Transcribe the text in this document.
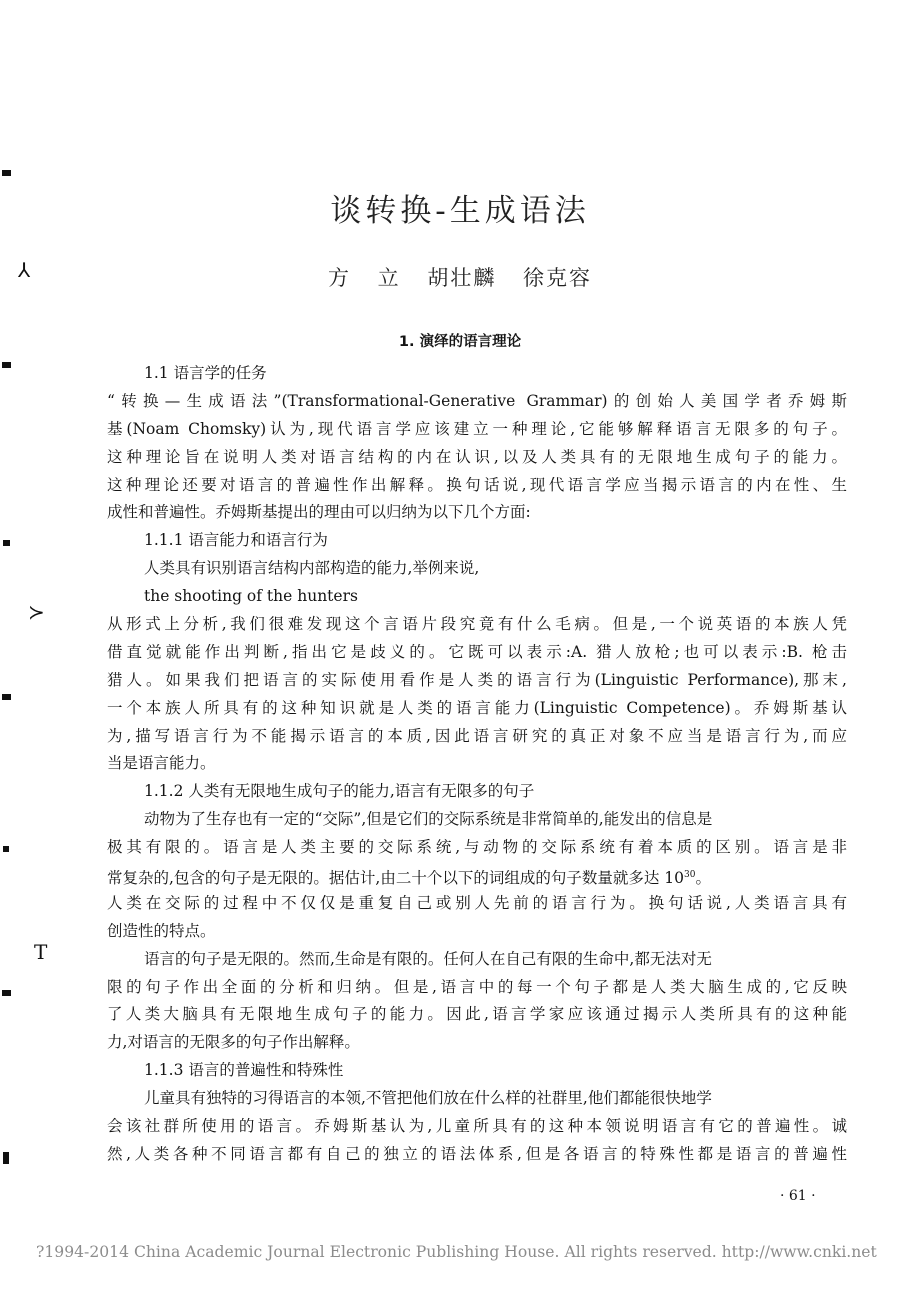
⅄
≻
T
谈转换-生成语法
方 立 胡壮麟 徐克容
1. 演绎的语言理论
1.1 语言学的任务
“转换—生成语法”(Transformational-Generative Grammar)的创始人美国学者乔姆斯
基(Noam Chomsky)认为,现代语言学应该建立一种理论,它能够解释语言无限多的句子。
这种理论旨在说明人类对语言结构的内在认识,以及人类具有的无限地生成句子的能力。
这种理论还要对语言的普遍性作出解释。换句话说,现代语言学应当揭示语言的内在性、生
成性和普遍性。乔姆斯基提出的理由可以归纳为以下几个方面:
1.1.1 语言能力和语言行为
人类具有识别语言结构内部构造的能力,举例来说,
the shooting of the hunters
从形式上分析,我们很难发现这个言语片段究竟有什么毛病。但是,一个说英语的本族人凭
借直觉就能作出判断,指出它是歧义的。它既可以表示:A. 猎人放枪;也可以表示:B. 枪击
猎人。如果我们把语言的实际使用看作是人类的语言行为(Linguistic Performance),那末,
一个本族人所具有的这种知识就是人类的语言能力(Linguistic Competence)。乔姆斯基认
为,描写语言行为不能揭示语言的本质,因此语言研究的真正对象不应当是语言行为,而应
当是语言能力。
1.1.2 人类有无限地生成句子的能力,语言有无限多的句子
动物为了生存也有一定的“交际”,但是它们的交际系统是非常简单的,能发出的信息是
极其有限的。语言是人类主要的交际系统,与动物的交际系统有着本质的区别。语言是非
常复杂的,包含的句子是无限的。据估计,由二十个以下的词组成的句子数量就多达 $10^{30}$。
人类在交际的过程中不仅仅是重复自己或别人先前的语言行为。换句话说,人类语言具有
创造性的特点。
语言的句子是无限的。然而,生命是有限的。任何人在自己有限的生命中,都无法对无
限的句子作出全面的分析和归纳。但是,语言中的每一个句子都是人类大脑生成的,它反映
了人类大脑具有无限地生成句子的能力。因此,语言学家应该通过揭示人类所具有的这种能
力,对语言的无限多的句子作出解释。
1.1.3 语言的普遍性和特殊性
儿童具有独特的习得语言的本领,不管把他们放在什么样的社群里,他们都能很快地学
会该社群所使用的语言。乔姆斯基认为,儿童所具有的这种本领说明语言有它的普遍性。诚
然,人类各种不同语言都有自己的独立的语法体系,但是各语言的特殊性都是语言的普遍性
· 61 ·
?1994-2014 China Academic Journal Electronic Publishing House. All rights reserved. http://www.cnki.net
